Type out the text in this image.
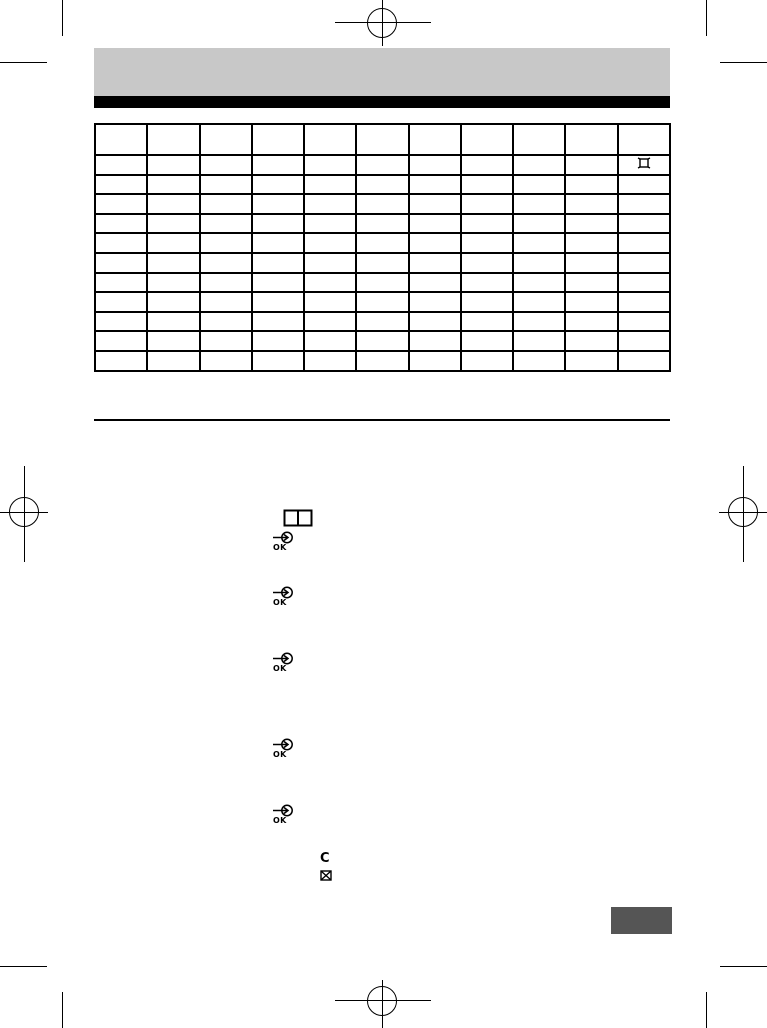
OK
OK
OK
OK
OK
C
